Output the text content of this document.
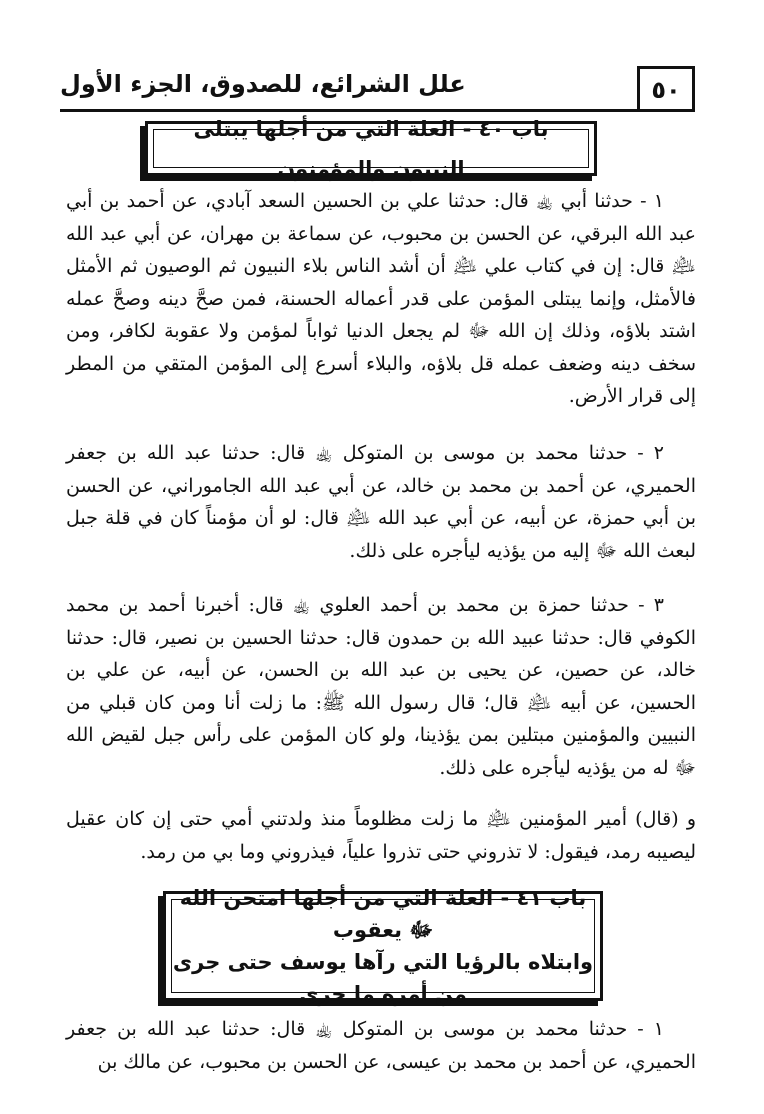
٥٠
علل الشرائع، للصدوق، الجزء الأول
باب ٤٠ - العلة التي من أجلها يبتلى النبيون والمؤمنون
١ - حدثنا أبي ﵀ قال: حدثنا علي بن الحسين السعد آبادي، عن أحمد بن أبي عبد الله البرقي، عن الحسن بن محبوب، عن سماعة بن مهران، عن أبي عبد الله ﵇ قال: إن في كتاب علي ﵇ أن أشد الناس بلاء النبيون ثم الوصيون ثم الأمثل فالأمثل، وإنما يبتلى المؤمن على قدر أعماله الحسنة، فمن صحَّ دينه وصحَّ عمله اشتد بلاؤه، وذلك إن الله ﷻ لم يجعل الدنيا ثواباً لمؤمن ولا عقوبة لكافر، ومن سخف دينه وضعف عمله قل بلاؤه، والبلاء أسرع إلى المؤمن المتقي من المطر إلى قرار الأرض.
٢ - حدثنا محمد بن موسى بن المتوكل ﵀ قال: حدثنا عبد الله بن جعفر الحميري، عن أحمد بن محمد بن خالد، عن أبي عبد الله الجاموراني، عن الحسن بن أبي حمزة، عن أبيه، عن أبي عبد الله ﵇ قال: لو أن مؤمناً كان في قلة جبل لبعث الله ﷻ إليه من يؤذيه ليأجره على ذلك.
٣ - حدثنا حمزة بن محمد بن أحمد العلوي ﵀ قال: أخبرنا أحمد بن محمد الكوفي قال: حدثنا عبيد الله بن حمدون قال: حدثنا الحسين بن نصير، قال: حدثنا خالد، عن حصين، عن يحيى بن عبد الله بن الحسن، عن أبيه، عن علي بن الحسين، عن أبيه ﵇ قال؛ قال رسول الله ﷺ: ما زلت أنا ومن كان قبلي من النبيين والمؤمنين مبتلين بمن يؤذينا، ولو كان المؤمن على رأس جبل لقيض الله ﷻ له من يؤذيه ليأجره على ذلك.
و (قال) أمير المؤمنين ﵇ ما زلت مظلوماً منذ ولدتني أمي حتى إن كان عقيل ليصيبه رمد، فيقول: لا تذروني حتى تذروا علياً، فيذروني وما بي من رمد.
باب ٤١ - العلة التي من أجلها امتحن الله ﷻ يعقوب
وابتلاه بالرؤيا التي رآها يوسف حتى جرى
من أمره ما جرى
١ - حدثنا محمد بن موسى بن المتوكل ﵀ قال: حدثنا عبد الله بن جعفر الحميري، عن أحمد بن محمد بن عيسى، عن الحسن بن محبوب، عن مالك بن
